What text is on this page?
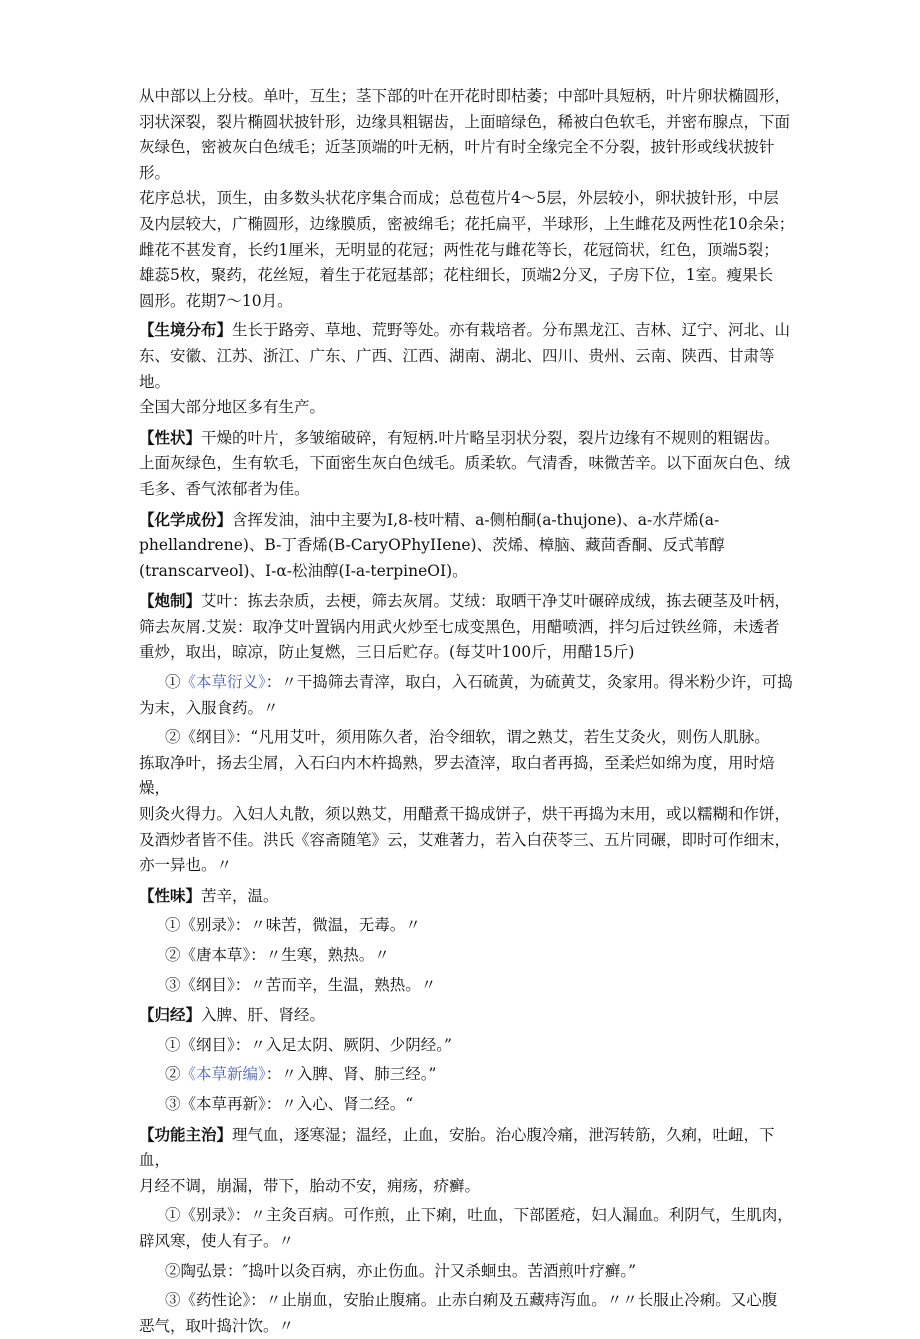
从中部以上分枝。单叶，互生；茎下部的叶在开花时即枯萎；中部叶具短柄，叶片卵状椭圆形，

羽状深裂，裂片椭圆状披针形，边缘具粗锯齿，上面暗绿色，稀被白色软毛，并密布腺点，下面

灰绿色，密被灰白色绒毛；近茎顶端的叶无柄，叶片有时全缘完全不分裂，披针形或线状披针形。

花序总状，顶生，由多数头状花序集合而成；总苞苞片4～5层，外层较小，卵状披针形，中层

及内层较大，广椭圆形，边缘膜质，密被绵毛；花托扁平，半球形，上生雌花及两性花10余朵；

雌花不甚发育，长约1厘米，无明显的花冠；两性花与雌花等长，花冠筒状，红色，顶端5裂；

雄蕊5枚，聚药，花丝短，着生于花冠基部；花柱细长，顶端2分叉，子房下位，1室。瘦果长

圆形。花期7～10月。

【生境分布】生长于路旁、草地、荒野等处。亦有栽培者。分布黑龙江、吉林、辽宁、河北、山

东、安徽、江苏、浙江、广东、广西、江西、湖南、湖北、四川、贵州、云南、陕西、甘肃等地。

全国大部分地区多有生产。

【性状】干燥的叶片，多皱缩破碎，有短柄.叶片略呈羽状分裂，裂片边缘有不规则的粗锯齿。

上面灰绿色，生有软毛，下面密生灰白色绒毛。质柔软。气清香，味微苦辛。以下面灰白色、绒

毛多、香气浓郁者为佳。

【化学成份】含挥发油，油中主要为I,8-枝叶精、a-侧柏酮(a-thujone)、a-水芹烯(a-

phellandrene)、B-丁香烯(B-CaryOPhyIIene)、茨烯、樟脑、藏茴香酮、反式苇醇

(transcarveol)、I-α-松油醇(I-a-terpineOI)。

【炮制】艾叶：拣去杂质，去梗，筛去灰屑。艾绒：取晒干净艾叶碾碎成绒，拣去硬茎及叶柄，

筛去灰屑.艾炭：取净艾叶置锅内用武火炒至七成变黑色，用醋喷洒，拌匀后过铁丝筛，未透者

重炒，取出，晾凉，防止复燃，三日后贮存。(每艾叶100斤，用醋15斤)

①《本草衍义》：〃干捣筛去青滓，取白，入石硫黄，为硫黄艾，灸家用。得米粉少许，可捣

为末，入服食药。〃

②《纲目》：“凡用艾叶，须用陈久者，治令细软，谓之熟艾，若生艾灸火，则伤人肌脉。

拣取净叶，扬去尘屑，入石臼内木杵捣熟，罗去渣滓，取白者再捣，至柔烂如绵为度，用时焙燥，

则灸火得力。入妇人丸散，须以熟艾，用醋煮干捣成饼子，烘干再捣为末用，或以糯糊和作饼，

及酒炒者皆不佳。洪氏《容斋随笔》云，艾难著力，若入白茯苓三、五片同碾，即时可作细末，

亦一异也。〃

【性味】苦辛，温。

①《别录》：〃味苦，微温，无毒。〃

②《唐本草》：〃生寒，熟热。〃

③《纲目》：〃苦而辛，生温，熟热。〃

【归经】入脾、肝、肾经。

①《纲目》：〃入足太阴、厥阴、少阴经。”

②《本草新编》：〃入脾、肾、肺三经。”

③《本草再新》：〃入心、肾二经。“

【功能主治】理气血，逐寒湿；温经，止血，安胎。治心腹冷痛，泄泻转筋，久痢，吐衄，下血，

月经不调，崩漏，带下，胎动不安，痈疡，疥癣。

①《别录》：〃主灸百病。可作煎，止下痢，吐血，下部匿疮，妇人漏血。利阴气，生肌肉，

辟风寒，使人有子。〃

②陶弘景：″捣叶以灸百病，亦止伤血。汁又杀蛔虫。苦酒煎叶疗癣。”

③《药性论》：〃止崩血，安胎止腹痛。止赤白痢及五藏痔泻血。〃〃长服止冷痢。又心腹

恶气，取叶捣汁饮。〃
